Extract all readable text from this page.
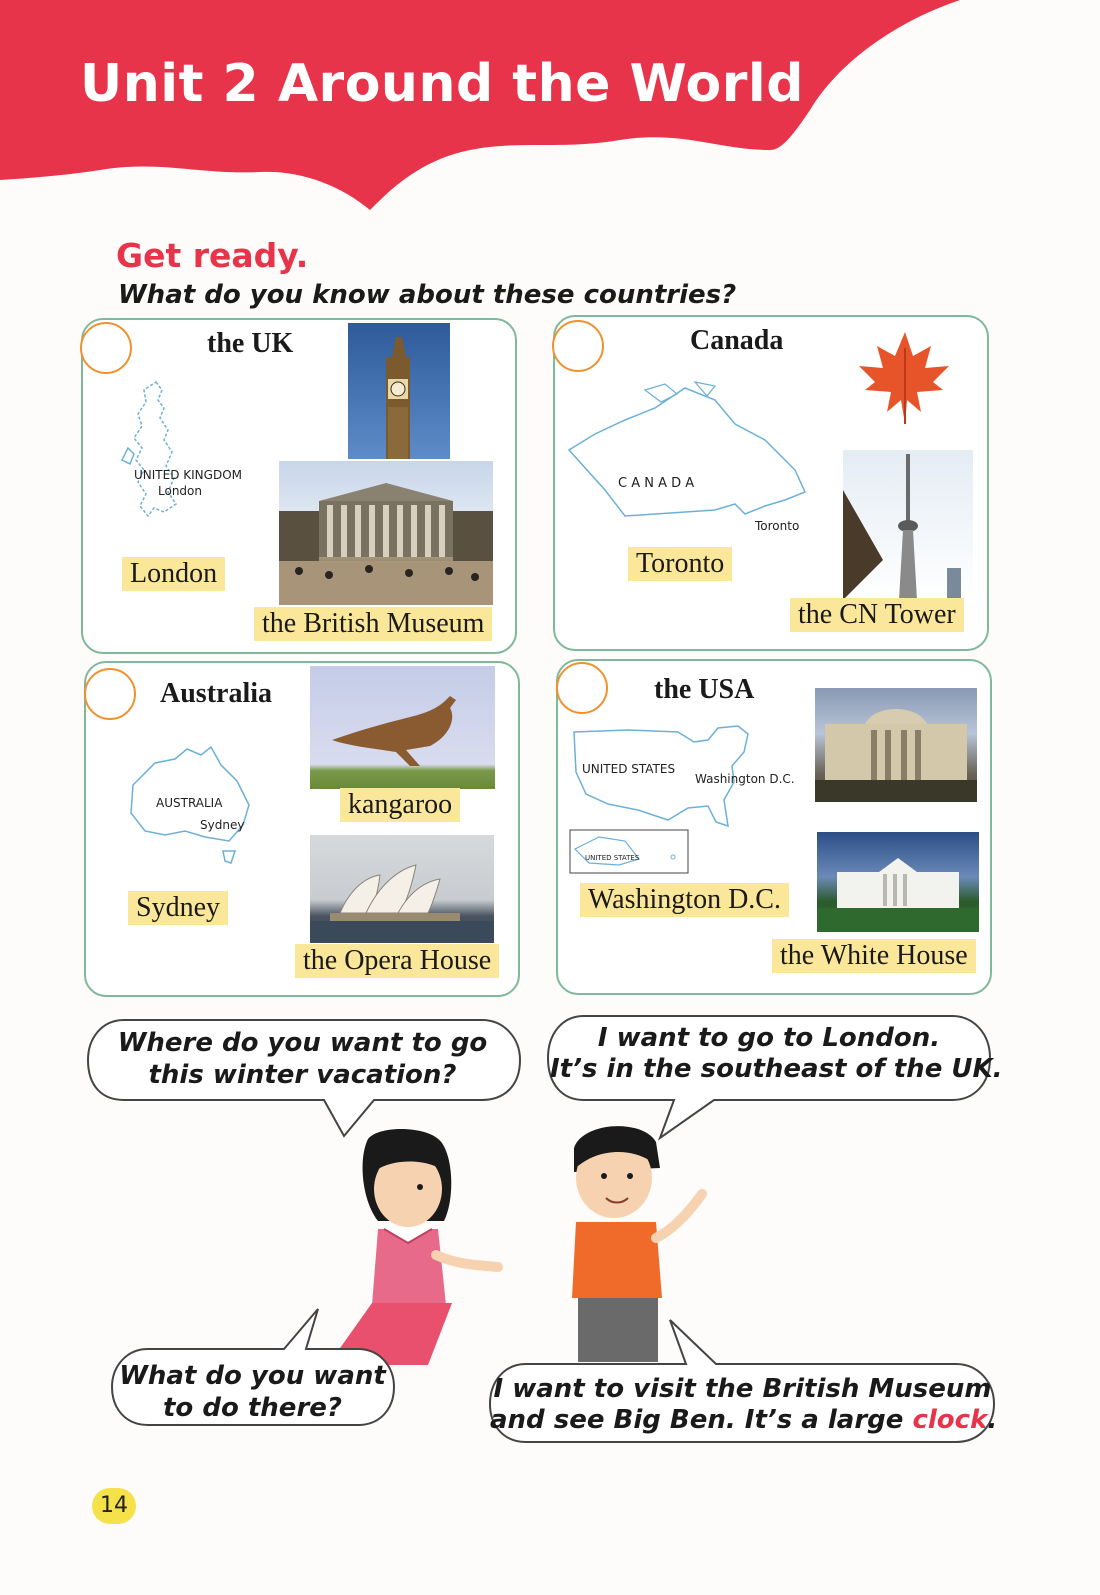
Unit 2 Around the World
Get ready.
What do you know about these countries?
the UK
UNITED KINGDOM
London
London
the British Museum
Canada
C A N A D A
Toronto
Toronto
the CN Tower
Australia
AUSTRALIA
Sydney
kangaroo
Sydney
the Opera House
the USA
UNITED STATES
Washington D.C.
UNITED STATES
Washington D.C.
the White House
Where do you want to go
this winter vacation?
I want to go to London.
It’s in the southeast of the UK.
What do you want
to do there?
I want to visit the British Museum
and see Big Ben. It’s a large clock.
14
